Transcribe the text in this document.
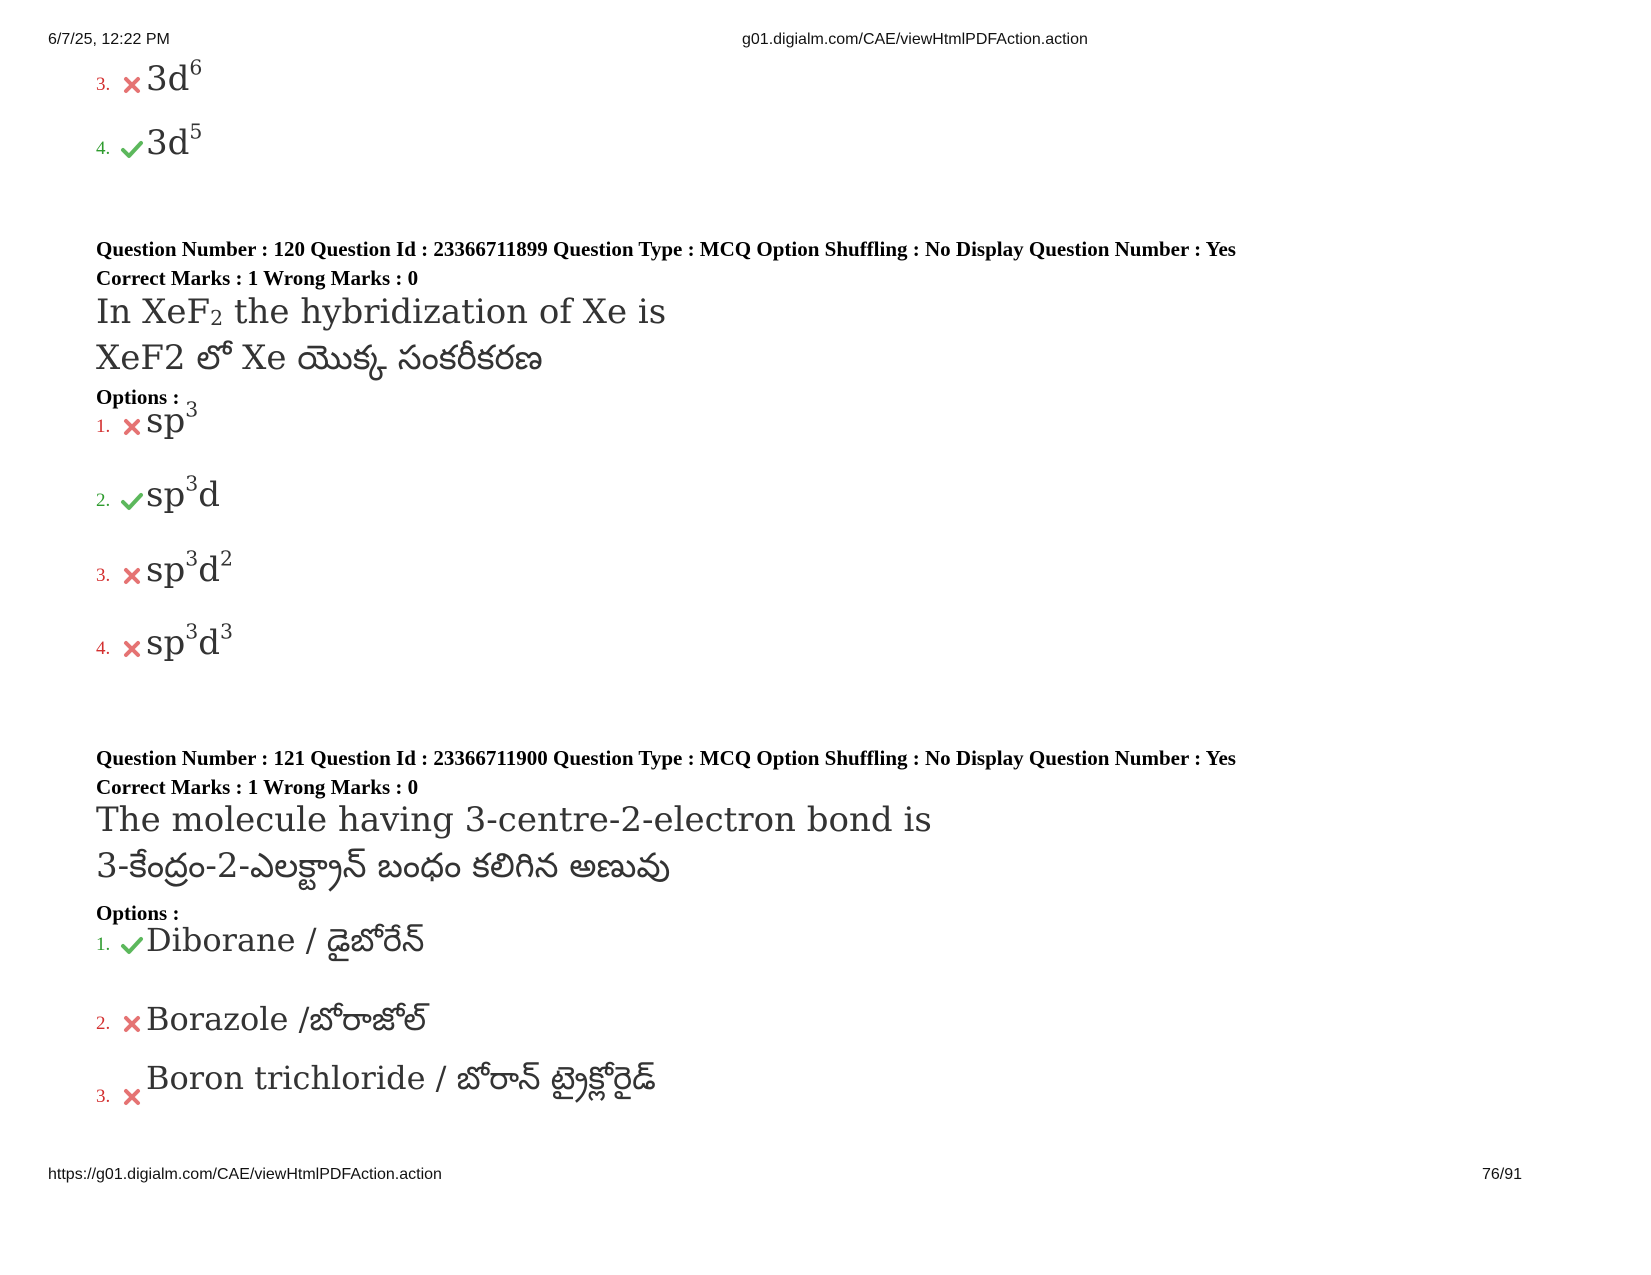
6/7/25, 12:22 PM	g01.digialm.com/CAE/viewHtmlPDFAction.action
3. $3d^6$
4. $3d^5$
Question Number : 120 Question Id : 23366711899 Question Type : MCQ Option Shuffling : No Display Question Number : Yes
Correct Marks : 1 Wrong Marks : 0
In XeF$_2$ the hybridization of Xe is
XeF2 లో Xe యొక్క సంకరీకరణ
Options :
1. $sp^3$
2. $sp^3d$
3. $sp^3d^2$
4. $sp^3d^3$
Question Number : 121 Question Id : 23366711900 Question Type : MCQ Option Shuffling : No Display Question Number : Yes
Correct Marks : 1 Wrong Marks : 0
The molecule having 3-centre-2-electron bond is
3-కేంద్రం-2-ఎలక్ట్రాన్ బంధం కలిగిన అణువు
Options :
1.	Diborane / డైబోరేన్
2.	Borazole /బోరాజోల్
3.	Boron trichloride / బోరాన్ ట్రైక్లోరైడ్
https://g01.digialm.com/CAE/viewHtmlPDFAction.action	76/91
